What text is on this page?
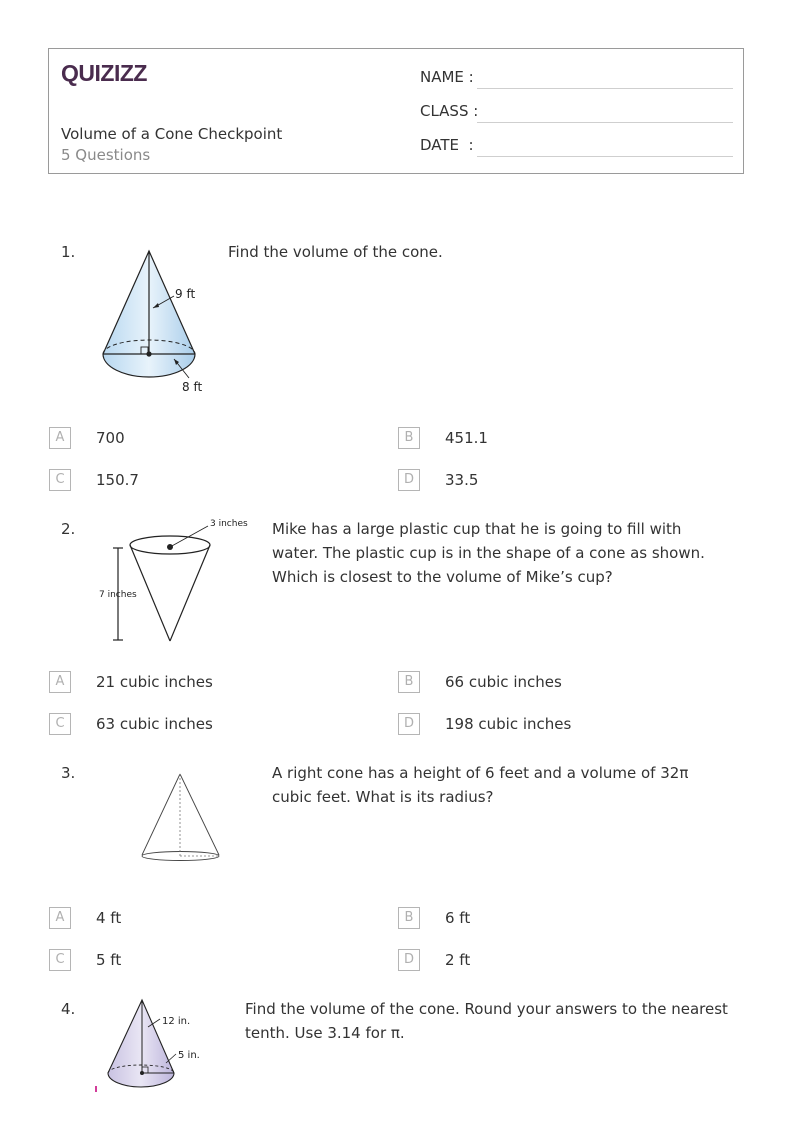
QUIZIZZ
Volume of a Cone Checkpoint
5 Questions
NAME :
CLASS :
DATE  :
1.
9 ft
8 ft
Find the volume of the cone.
A	700	B	451.1
C	150.7	D	33.5
2.	3 inches
7 inches
Mike has a large plastic cup that he is going to fill with water. The plastic cup is in the shape of a cone as shown. Which is closest to the volume of Mike’s cup?
A	21 cubic inches	B	66 cubic inches
C	63 cubic inches	D	198 cubic inches
3.	A right cone has a height of 6 feet and a volume of 32π cubic feet. What is its radius?
A	4 ft	B	6 ft
C	5 ft	D	2 ft
4.
12 in.
5 in.
Find the volume of the cone. Round your answers to the nearest tenth. Use 3.14 for π.
